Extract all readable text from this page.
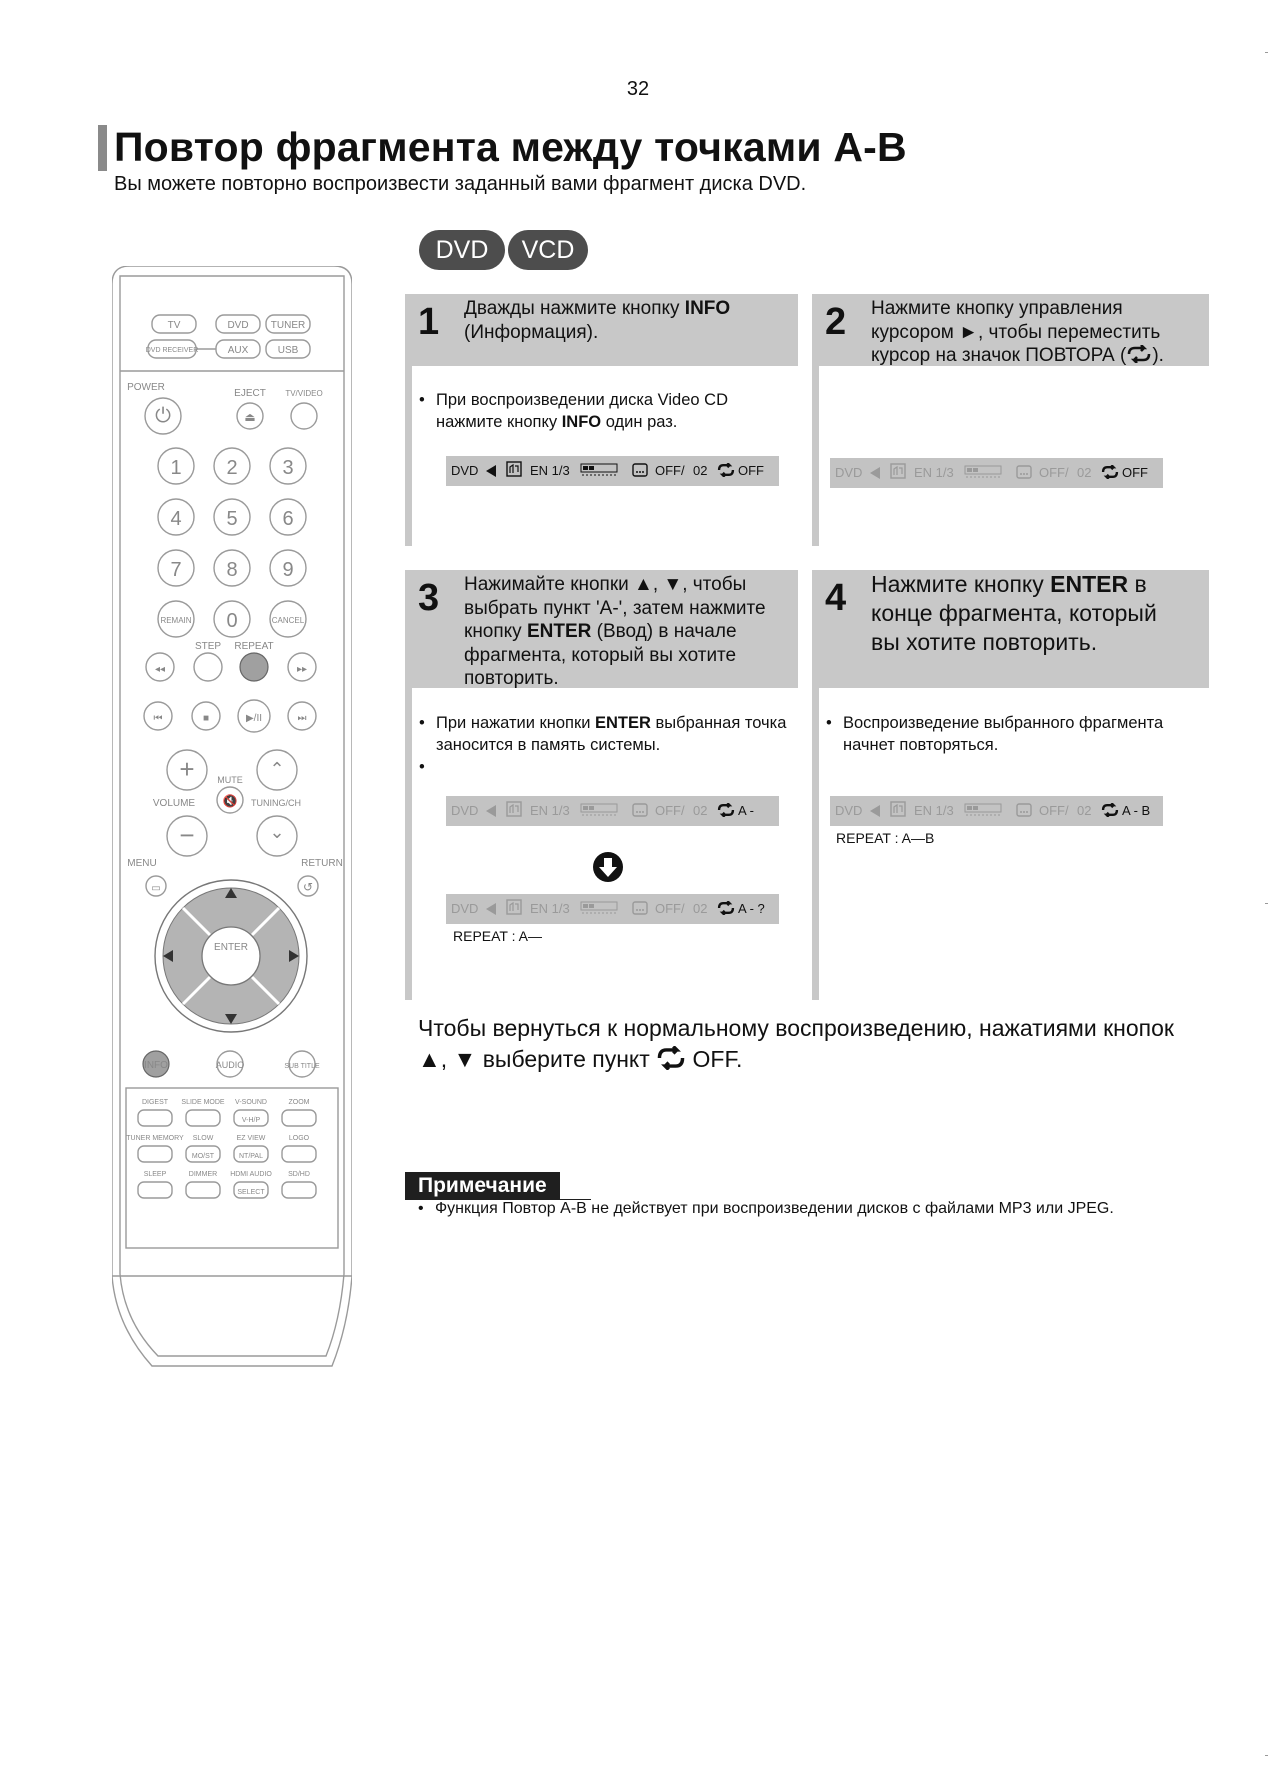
32
Повтор фрагмента между точками A-B
Вы можете повторно воспроизвести заданный вами фрагмент диска DVD.
DVD	VCD
⏻	⏏
+
−
⌃
⌄
◂◂	▸▸
⏮	■	▶/II	⏭
🔇
▭	↺
TV	DVD TUNER
DVD RECEIVER	AUX	USB
POWER
EJECT TV/VIDEO
REMAIN	CANCEL
STEP REPEAT
MUTE
VOLUME	TUNING/CH
MENU	RETURN
ENTER
INFO	AUDIO	SUB TITLE
1 2 3
4 5 6
7 8 9
0
DIGEST SLIDE MODE V-SOUND	ZOOM
TUNER MEMORY SLOW	EZ VIEW	LOGO
SLEEP	DIMMER HDMI AUDIO SD/HD
V-H/P
MO/ST	NT/PAL
SELECT
1 Дважды нажмите кнопку INFO (Информация).
• При воспроизведении диска Video CD нажмите кнопку INFO один раз.
DVD	EN 1/3	OFF/ 02 OFF
2 Нажмите кнопку управления курсором ►, чтобы переместить курсор на значок ПОВТОРА ( ).
DVD	EN 1/3	OFF/ 02 OFF
3 Нажимайте кнопки ▲, ▼, чтобы выбрать пункт 'A-', затем нажмите кнопку ENTER (Ввод) в начале фрагмента, который вы хотите повторить.
• При нажатии кнопки ENTER выбранная точка заносится в память системы.
•
DVD	EN 1/3	OFF/ 02 A -
DVD	EN 1/3	OFF/ 02 A - ?
REPEAT : A—
4 Нажмите кнопку ENTER в конце фрагмента, который вы хотите повторить.
• Воспроизведение выбранного фрагмента начнет повторяться.
DVD	EN 1/3	OFF/ 02 A - B
REPEAT : A—B
Чтобы вернуться к нормальному воспроизведению, нажатиями кнопок ▲, ▼ выберите пункт  OFF.
Примечание
• Функция Повтор A-B не действует при воспроизведении дисков с файлами MP3 или JPEG.
